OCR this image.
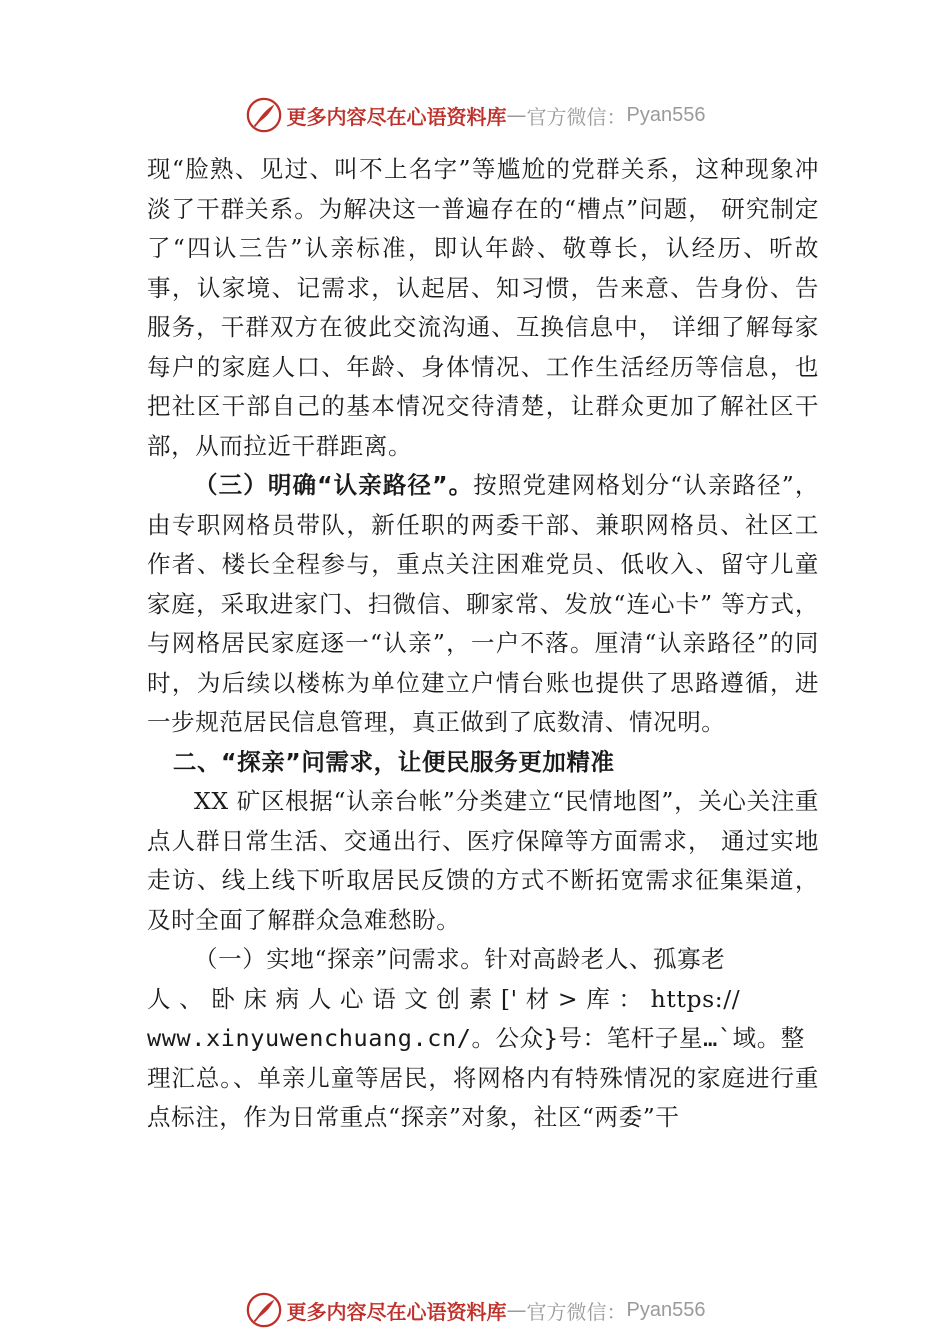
更多内容尽在心语资料库 — 官方微信： Pyan556

现“脸熟、见过、叫不上名字”等尴尬的党群关系，这种现象冲淡了干群关系。为解决这一普遍存在的“槽点”问题， 研究制定了“四认三告”认亲标准，即认年龄、敬尊长，认经历、听故事，认家境、记需求，认起居、知习惯，告来意、告身份、告服务，干群双方在彼此交流沟通、互换信息中， 详细了解每家每户的家庭人口、年龄、身体情况、工作生活经历等信息，也把社区干部自己的基本情况交待清楚，让群众更加了解社区干部，从而拉近干群距离。

（三）明确“认亲路径”。按照党建网格划分“认亲路径”，由专职网格员带队，新任职的两委干部、兼职网格员、社区工作者、楼长全程参与，重点关注困难党员、低收入、留守儿童家庭，采取进家门、扫微信、聊家常、发放“连心卡” 等方式，与网格居民家庭逐一“认亲”，一户不落。厘清“认亲路径”的同时，为后续以楼栋为单位建立户情台账也提供了思路遵循，进一步规范居民信息管理，真正做到了底数清、情况明。

二、“探亲”问需求，让便民服务更加精准

XX 矿区根据“认亲台帐”分类建立“民情地图”，关心关注重点人群日常生活、交通出行、医疗保障等方面需求， 通过实地走访、线上线下听取居民反馈的方式不断拓宽需求征集渠道，及时全面了解群众急难愁盼。

（一）实地“探亲”问需求。针对高龄老人、孤寡老

人 、 卧 床 病 人 心 语 文 创 素 [' 材 > 库 ： https://

www.xinyuwenchuang.cn/。公众}号：笔杆子星…`域。整

理汇总。、单亲儿童等居民，将网格内有特殊情况的家庭进行重点标注，作为日常重点“探亲”对象，社区“两委”干

更多内容尽在心语资料库 — 官方微信： Pyan556
